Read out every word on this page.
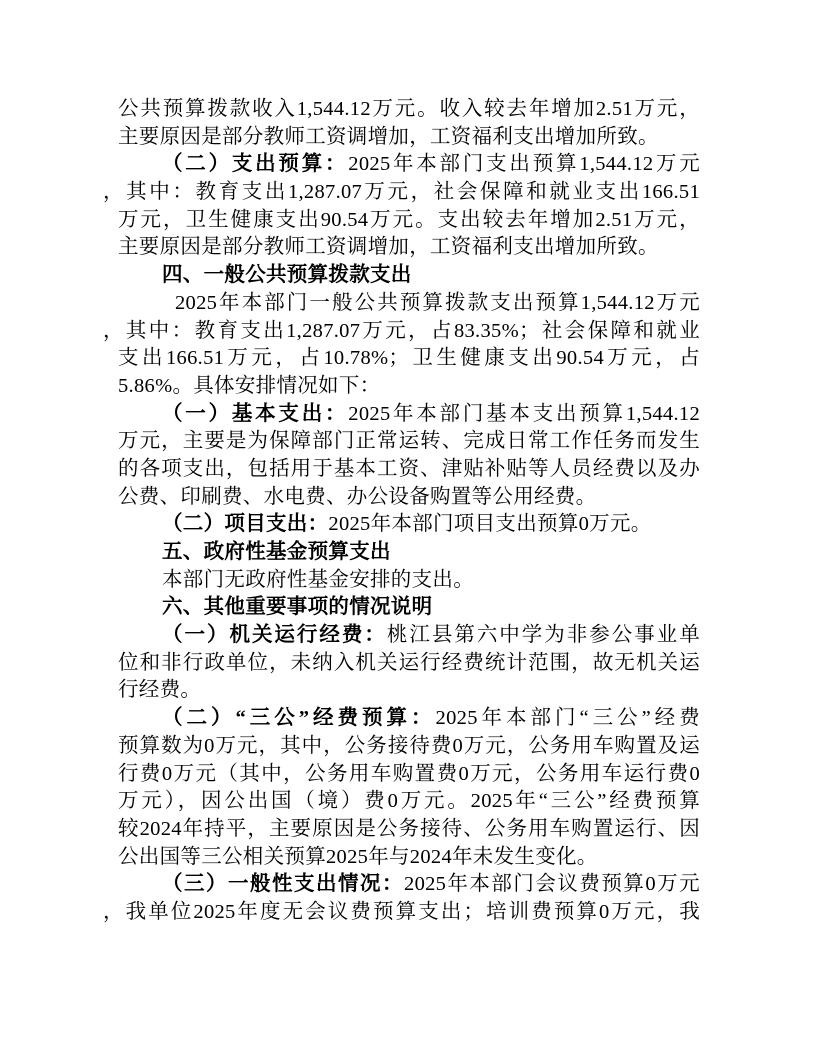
公共预算拨款收入1,544.12万元。收入较去年增加2.51万元，
主要原因是部分教师工资调增加，工资福利支出增加所致。
（二）支出预算：2025年本部门支出预算1,544.12万元
，其中：教育支出1,287.07万元，社会保障和就业支出166.51
万元，卫生健康支出90.54万元。支出较去年增加2.51万元，
主要原因是部分教师工资调增加，工资福利支出增加所致。
四、一般公共预算拨款支出
2025年本部门一般公共预算拨款支出预算1,544.12万元
，其中：教育支出1,287.07万元，占83.35%；社会保障和就业
支出166.51万元，占10.78%；卫生健康支出90.54万元，占
5.86%。具体安排情况如下：
（一）基本支出：2025年本部门基本支出预算1,544.12
万元，主要是为保障部门正常运转、完成日常工作任务而发生
的各项支出，包括用于基本工资、津贴补贴等人员经费以及办
公费、印刷费、水电费、办公设备购置等公用经费。
（二）项目支出：2025年本部门项目支出预算0万元。
五、政府性基金预算支出
本部门无政府性基金安排的支出。
六、其他重要事项的情况说明
（一）机关运行经费：桃江县第六中学为非参公事业单
位和非行政单位，未纳入机关运行经费统计范围，故无机关运
行经费。
（二）“三公”经费预算：2025年本部门“三公”经费
预算数为0万元，其中，公务接待费0万元，公务用车购置及运
行费0万元（其中，公务用车购置费0万元，公务用车运行费0
万元），因公出国（境）费0万元。2025年“三公”经费预算
较2024年持平，主要原因是公务接待、公务用车购置运行、因
公出国等三公相关预算2025年与2024年未发生变化。
（三）一般性支出情况：2025年本部门会议费预算0万元
，我单位2025年度无会议费预算支出；培训费预算0万元，我
